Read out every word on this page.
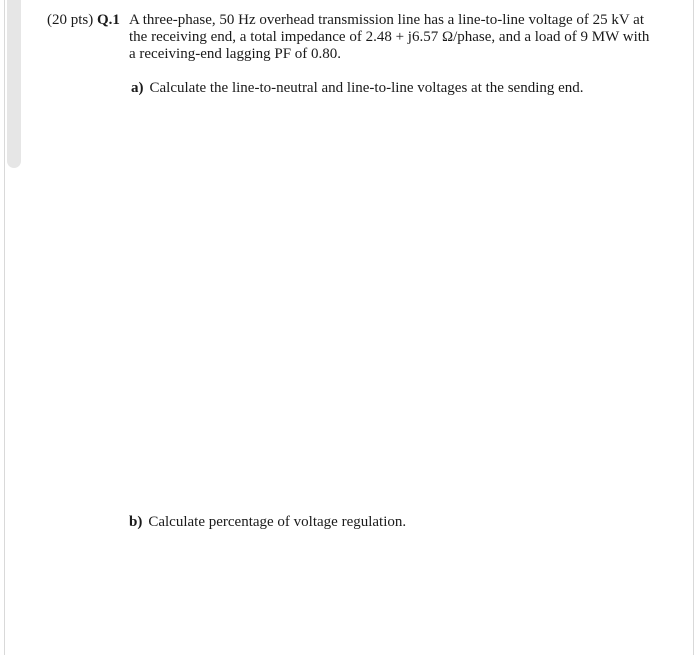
(20 pts) Q.1 A three-phase, 50 Hz overhead transmission line has a line-to-line voltage of 25 kV at
the receiving end, a total impedance of 2.48 + j6.57 Ω/phase, and a load of 9 MW with
a receiving-end lagging PF of 0.80.
a) Calculate the line-to-neutral and line-to-line voltages at the sending end.
b) Calculate percentage of voltage regulation.
